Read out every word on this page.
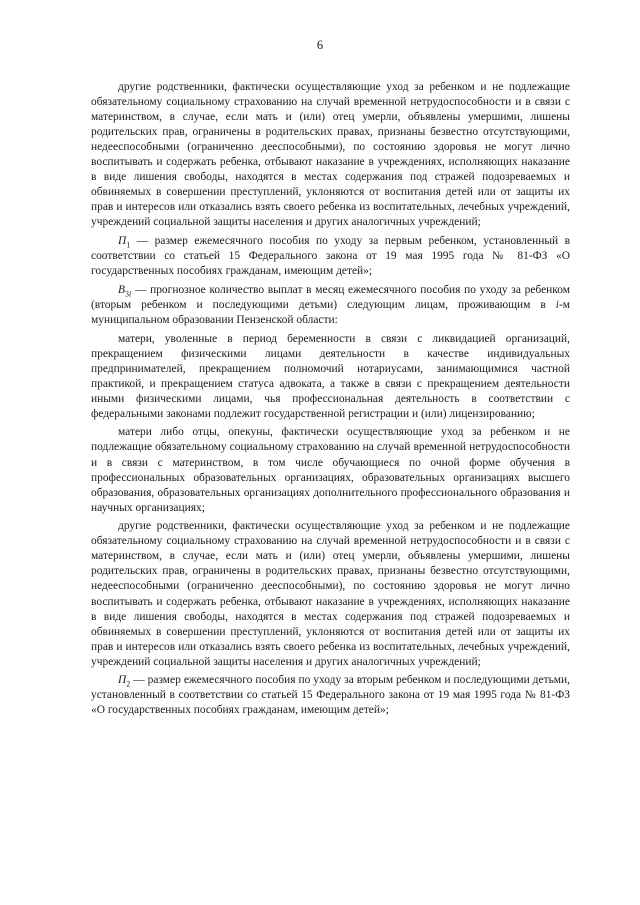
6

другие родственники, фактически осуществляющие уход за ребенком и не подлежащие обязательному социальному страхованию на случай временной нетрудоспособности и в связи с материнством, в случае, если мать и (или) отец умерли, объявлены умершими, лишены родительских прав, ограничены в родительских правах, признаны безвестно отсутствующими, недееспособными (ограниченно дееспособными), по состоянию здоровья не могут лично воспитывать и содержать ребенка, отбывают наказание в учреждениях, исполняющих наказание в виде лишения свободы, находятся в местах содержания под стражей подозреваемых и обвиняемых в совершении преступлений, уклоняются от воспитания детей или от защиты их прав и интересов или отказались взять своего ребенка из воспитательных, лечебных учреждений, учреждений социальной защиты населения и других аналогичных учреждений;

$П_1$ — размер ежемесячного пособия по уходу за первым ребенком, установленный в соответствии со статьей 15 Федерального закона от 19 мая 1995 года № 81-ФЗ «О государственных пособиях гражданам, имеющим детей»;

$В_{3i}$ — прогнозное количество выплат в месяц ежемесячного пособия по уходу за ребенком (вторым ребенком и последующими детьми) следующим лицам, проживающим в i-м муниципальном образовании Пензенской области:

матери, уволенные в период беременности в связи с ликвидацией организаций, прекращением физическими лицами деятельности в качестве индивидуальных предпринимателей, прекращением полномочий нотариусами, занимающимися частной практикой, и прекращением статуса адвоката, а также в связи с прекращением деятельности иными физическими лицами, чья профессиональная деятельность в соответствии с федеральными законами подлежит государственной регистрации и (или) лицензированию;

матери либо отцы, опекуны, фактически осуществляющие уход за ребенком и не подлежащие обязательному социальному страхованию на случай временной нетрудоспособности и в связи с материнством, в том числе обучающиеся по очной форме обучения в профессиональных образовательных организациях, образовательных организациях высшего образования, образовательных организациях дополнительного профессионального образования и научных организациях;

другие родственники, фактически осуществляющие уход за ребенком и не подлежащие обязательному социальному страхованию на случай временной нетрудоспособности и в связи с материнством, в случае, если мать и (или) отец умерли, объявлены умершими, лишены родительских прав, ограничены в родительских правах, признаны безвестно отсутствующими, недееспособными (ограниченно дееспособными), по состоянию здоровья не могут лично воспитывать и содержать ребенка, отбывают наказание в учреждениях, исполняющих наказание в виде лишения свободы, находятся в местах содержания под стражей подозреваемых и обвиняемых в совершении преступлений, уклоняются от воспитания детей или от защиты их прав и интересов или отказались взять своего ребенка из воспитательных, лечебных учреждений, учреждений социальной защиты населения и других аналогичных учреждений;

$П_2$ — размер ежемесячного пособия по уходу за вторым ребенком и последующими детьми, установленный в соответствии со статьей 15 Федерального закона от 19 мая 1995 года № 81-ФЗ «О государственных пособиях гражданам, имеющим детей»;
